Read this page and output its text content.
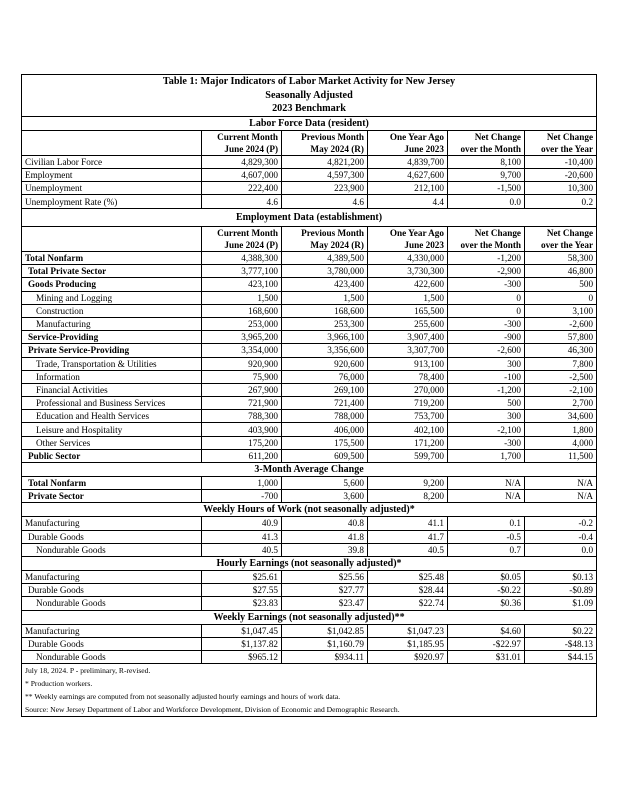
Table 1: Major Indicators of Labor Market Activity for New Jersey					
Seasonally Adjusted					
2023 Benchmark					
Labor Force Data (resident)					
	Current Month	Previous Month	One Year Ago	Net Change	Net Change
	June 2024 (P)	May 2024 (R)	June 2023	over the Month	over the Year
Civilian Labor Force	4,829,300	4,821,200	4,839,700	8,100	-10,400
Employment	4,607,000	4,597,300	4,627,600	9,700	-20,600
Unemployment	222,400	223,900	212,100	-1,500	10,300
Unemployment Rate (%)	4.6	4.6	4.4	0.0	0.2
Employment Data (establishment)					
	Current Month	Previous Month	One Year Ago	Net Change	Net Change
	June 2024 (P)	May 2024 (R)	June 2023	over the Month	over the Year
Total Nonfarm	4,388,300	4,389,500	4,330,000	-1,200	58,300
Total Private Sector	3,777,100	3,780,000	3,730,300	-2,900	46,800
Goods Producing	423,100	423,400	422,600	-300	500
Mining and Logging	1,500	1,500	1,500	0	0
Construction	168,600	168,600	165,500	0	3,100
Manufacturing	253,000	253,300	255,600	-300	-2,600
Service-Providing	3,965,200	3,966,100	3,907,400	-900	57,800
Private Service-Providing	3,354,000	3,356,600	3,307,700	-2,600	46,300
Trade, Transportation & Utilities	920,900	920,600	913,100	300	7,800
Information	75,900	76,000	78,400	-100	-2,500
Financial Activities	267,900	269,100	270,000	-1,200	-2,100
Professional and Business Services	721,900	721,400	719,200	500	2,700
Education and Health Services	788,300	788,000	753,700	300	34,600
Leisure and Hospitality	403,900	406,000	402,100	-2,100	1,800
Other Services	175,200	175,500	171,200	-300	4,000
Public Sector	611,200	609,500	599,700	1,700	11,500
3-Month Average Change					
Total Nonfarm	1,000	5,600	9,200	N/A	N/A
Private Sector	-700	3,600	8,200	N/A	N/A
Weekly Hours of Work (not seasonally adjusted)*					
Manufacturing	40.9	40.8	41.1	0.1	-0.2
Durable Goods	41.3	41.8	41.7	-0.5	-0.4
Nondurable Goods	40.5	39.8	40.5	0.7	0.0
Hourly Earnings (not seasonally adjusted)*					
Manufacturing	$25.61	$25.56	$25.48	$0.05	$0.13
Durable Goods	$27.55	$27.77	$28.44	-$0.22	-$0.89
Nondurable Goods	$23.83	$23.47	$22.74	$0.36	$1.09
Weekly Earnings (not seasonally adjusted)**					
Manufacturing	$1,047.45	$1,042.85	$1,047.23	$4.60	$0.22
Durable Goods	$1,137.82	$1,160.79	$1,185.95	-$22.97	-$48.13
Nondurable Goods	$965.12	$934.11	$920.97	$31.01	$44.15
July 18, 2024. P - preliminary, R-revised.					
* Production workers.					
** Weekly earnings are computed from not seasonally adjusted hourly earnings and hours of work data.					
Source: New Jersey Department of Labor and Workforce Development, Division of Economic and Demographic Research.					
